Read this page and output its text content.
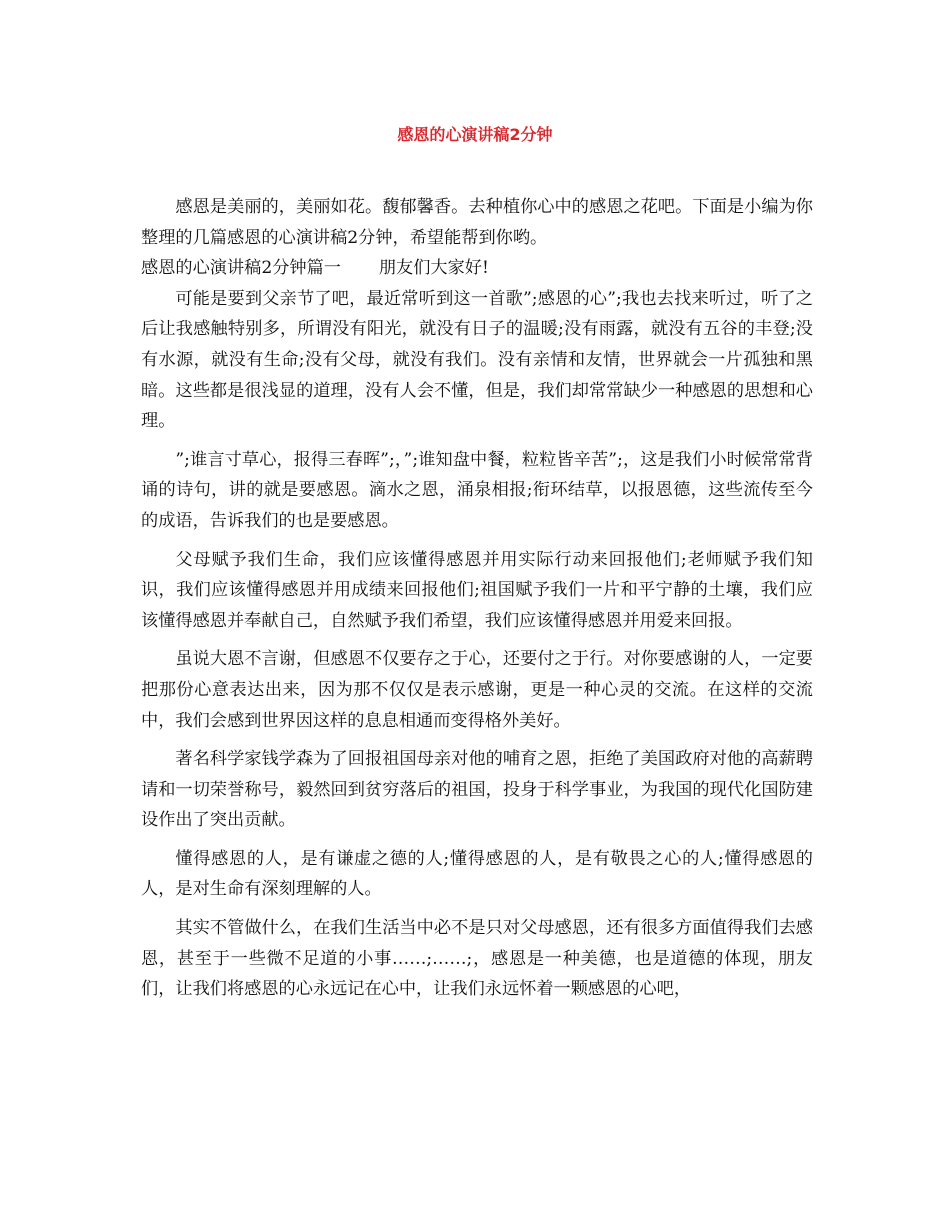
感恩的心演讲稿2分钟

感恩是美丽的，美丽如花。馥郁馨香。去种植你心中的感恩之花吧。下面是小编为你整理的几篇感恩的心演讲稿2分钟，希望能帮到你哟。

感恩的心演讲稿2分钟篇一 朋友们大家好!

可能是要到父亲节了吧，最近常听到这一首歌”;感恩的心”;我也去找来听过，听了之后让我感触特别多，所谓没有阳光，就没有日子的温暖;没有雨露，就没有五谷的丰登;没有水源，就没有生命;没有父母，就没有我们。没有亲情和友情，世界就会一片孤独和黑暗。这些都是很浅显的道理，没有人会不懂，但是，我们却常常缺少一种感恩的思想和心理。

”;谁言寸草心，报得三春晖”;，”;谁知盘中餐，粒粒皆辛苦”;，这是我们小时候常常背诵的诗句，讲的就是要感恩。滴水之恩，涌泉相报;衔环结草，以报恩德，这些流传至今的成语，告诉我们的也是要感恩。

父母赋予我们生命，我们应该懂得感恩并用实际行动来回报他们;老师赋予我们知识，我们应该懂得感恩并用成绩来回报他们;祖国赋予我们一片和平宁静的土壤，我们应该懂得感恩并奉献自己，自然赋予我们希望，我们应该懂得感恩并用爱来回报。

虽说大恩不言谢，但感恩不仅要存之于心，还要付之于行。对你要感谢的人，一定要把那份心意表达出来，因为那不仅仅是表示感谢，更是一种心灵的交流。在这样的交流中，我们会感到世界因这样的息息相通而变得格外美好。

著名科学家钱学森为了回报祖国母亲对他的哺育之恩，拒绝了美国政府对他的高薪聘请和一切荣誉称号，毅然回到贫穷落后的祖国，投身于科学事业，为我国的现代化国防建设作出了突出贡献。

懂得感恩的人，是有谦虚之德的人;懂得感恩的人，是有敬畏之心的人;懂得感恩的人，是对生命有深刻理解的人。

其实不管做什么，在我们生活当中必不是只对父母感恩，还有很多方面值得我们去感恩，甚至于一些微不足道的小事……;……;，感恩是一种美德，也是道德的体现，朋友们，让我们将感恩的心永远记在心中，让我们永远怀着一颗感恩的心吧，
